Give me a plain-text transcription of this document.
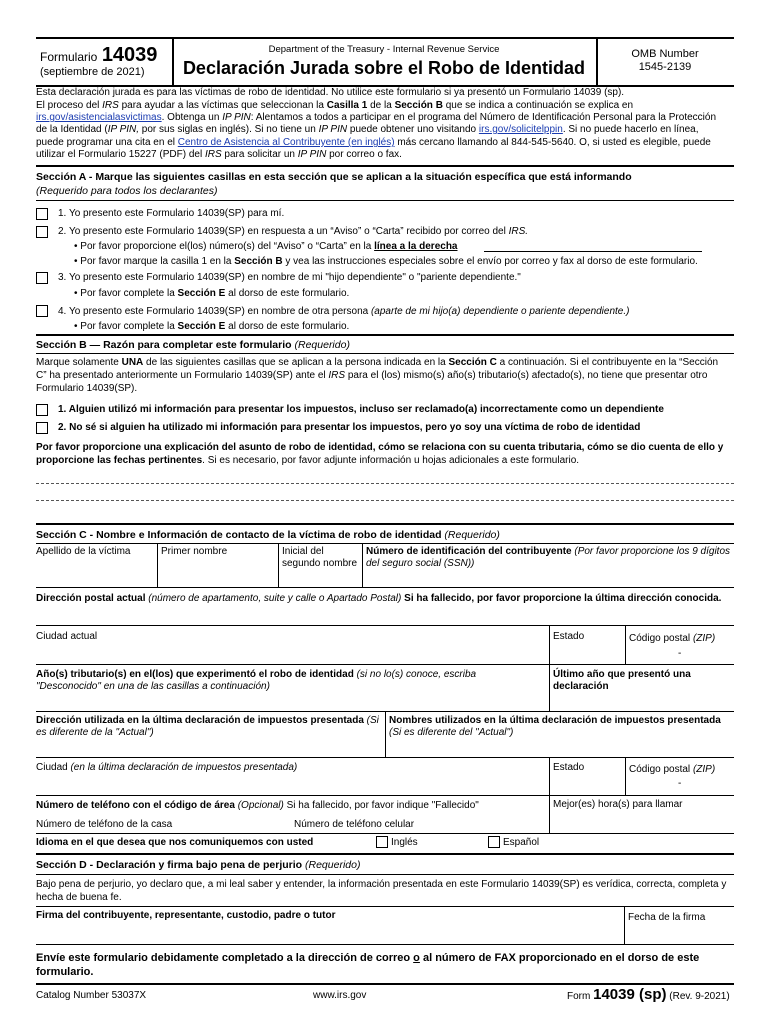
Formulario 14039
(septiembre de 2021)
Department of the Treasury - Internal Revenue Service
Declaración Jurada sobre el Robo de Identidad
OMB Number
1545-2139
Esta declaración jurada es para las víctimas de robo de identidad. No utilice este formulario si ya presentó un Formulario 14039 (sp).
El proceso del IRS para ayudar a las víctimas que seleccionan la Casilla 1 de la Sección B que se indica a continuación se explica en
irs.gov/asistencialasvictimas. Obtenga un IP PIN: Alentamos a todos a participar en el programa del Número de Identificación Personal para la Protección
de la Identidad (IP PIN, por sus siglas en inglés). Si no tiene un IP PIN puede obtener uno visitando irs.gov/solicitelppin. Si no puede hacerlo en línea,
puede programar una cita en el Centro de Asistencia al Contribuyente (en inglés) más cercano llamando al 844-545-5640. O, si usted es elegible, puede
utilizar el Formulario 15227 (PDF) del IRS para solicitar un IP PIN por correo o fax.
Sección A - Marque las siguientes casillas en esta sección que se aplican a la situación específica que está informando
(Requerido para todos los declarantes)
1. Yo presento este Formulario 14039(SP) para mí.
2. Yo presento este Formulario 14039(SP) en respuesta a un “Aviso” o “Carta” recibido por correo del IRS.
• Por favor proporcione el(los) número(s) del “Aviso” o “Carta” en la línea a la derecha
• Por favor marque la casilla 1 en la Sección B y vea las instrucciones especiales sobre el envío por correo y fax al dorso de este formulario.
3. Yo presento este Formulario 14039(SP) en nombre de mi "hijo dependiente" o "pariente dependiente."
• Por favor complete la Sección E al dorso de este formulario.
4. Yo presento este Formulario 14039(SP) en nombre de otra persona (aparte de mi hijo(a) dependiente o pariente dependiente.)
• Por favor complete la Sección E al dorso de este formulario.
Sección B — Razón para completar este formulario (Requerido)
Marque solamente UNA de las siguientes casillas que se aplican a la persona indicada en la Sección C a continuación. Si el contribuyente en la “Sección
C” ha presentado anteriormente un Formulario 14039(SP) ante el IRS para el (los) mismo(s) año(s) tributario(s) afectado(s), no tiene que presentar otro
Formulario 14039(SP).
1. Alguien utilizó mi información para presentar los impuestos, incluso ser reclamado(a) incorrectamente como un dependiente
2. No sé si alguien ha utilizado mi información para presentar los impuestos, pero yo soy una víctima de robo de identidad
Por favor proporcione una explicación del asunto de robo de identidad, cómo se relaciona con su cuenta tributaria, cómo se dio cuenta de ello y
proporcione las fechas pertinentes. Si es necesario, por favor adjunte información u hojas adicionales a este formulario.
Sección C - Nombre e Información de contacto de la víctima de robo de identidad (Requerido)
Apellido de la víctima	Primer nombre	Inicial del
segundo nombre
Número de identificación del contribuyente (Por favor proporcione los 9 dígitos
del seguro social (SSN))
Dirección postal actual (número de apartamento, suite y calle o Apartado Postal) Si ha fallecido, por favor proporcione la última dirección conocida.
Ciudad actual	Estado	Código postal (ZIP)
-
Año(s) tributario(s) en el(los) que experimentó el robo de identidad (si no lo(s) conoce, escriba
"Desconocido" en una de las casillas a continuación)
Último año que presentó una
declaración
Dirección utilizada en la última declaración de impuestos presentada (Si
es diferente de la "Actual")
Nombres utilizados en la última declaración de impuestos presentada
(Si es diferente del "Actual")
Ciudad (en la última declaración de impuestos presentada)	Estado	Código postal (ZIP)
-
Número de teléfono con el código de área (Opcional) Si ha fallecido, por favor indique "Fallecido"	Mejor(es) hora(s) para llamar
Número de teléfono de la casa	Número de teléfono celular
Idioma en el que desea que nos comuniquemos con usted	Inglés	Español
Sección D - Declaración y firma bajo pena de perjurio (Requerido)
Bajo pena de perjurio, yo declaro que, a mi leal saber y entender, la información presentada en este Formulario 14039(SP) es verídica, correcta, completa y
hecha de buena fe.
Firma del contribuyente, representante, custodio, padre o tutor	Fecha de la firma
Envíe este formulario debidamente completado a la dirección de correo o al número de FAX proporcionado en el dorso de este
formulario.
Catalog Number 53037X	www.irs.gov	Form 14039 (sp) (Rev. 9-2021)
